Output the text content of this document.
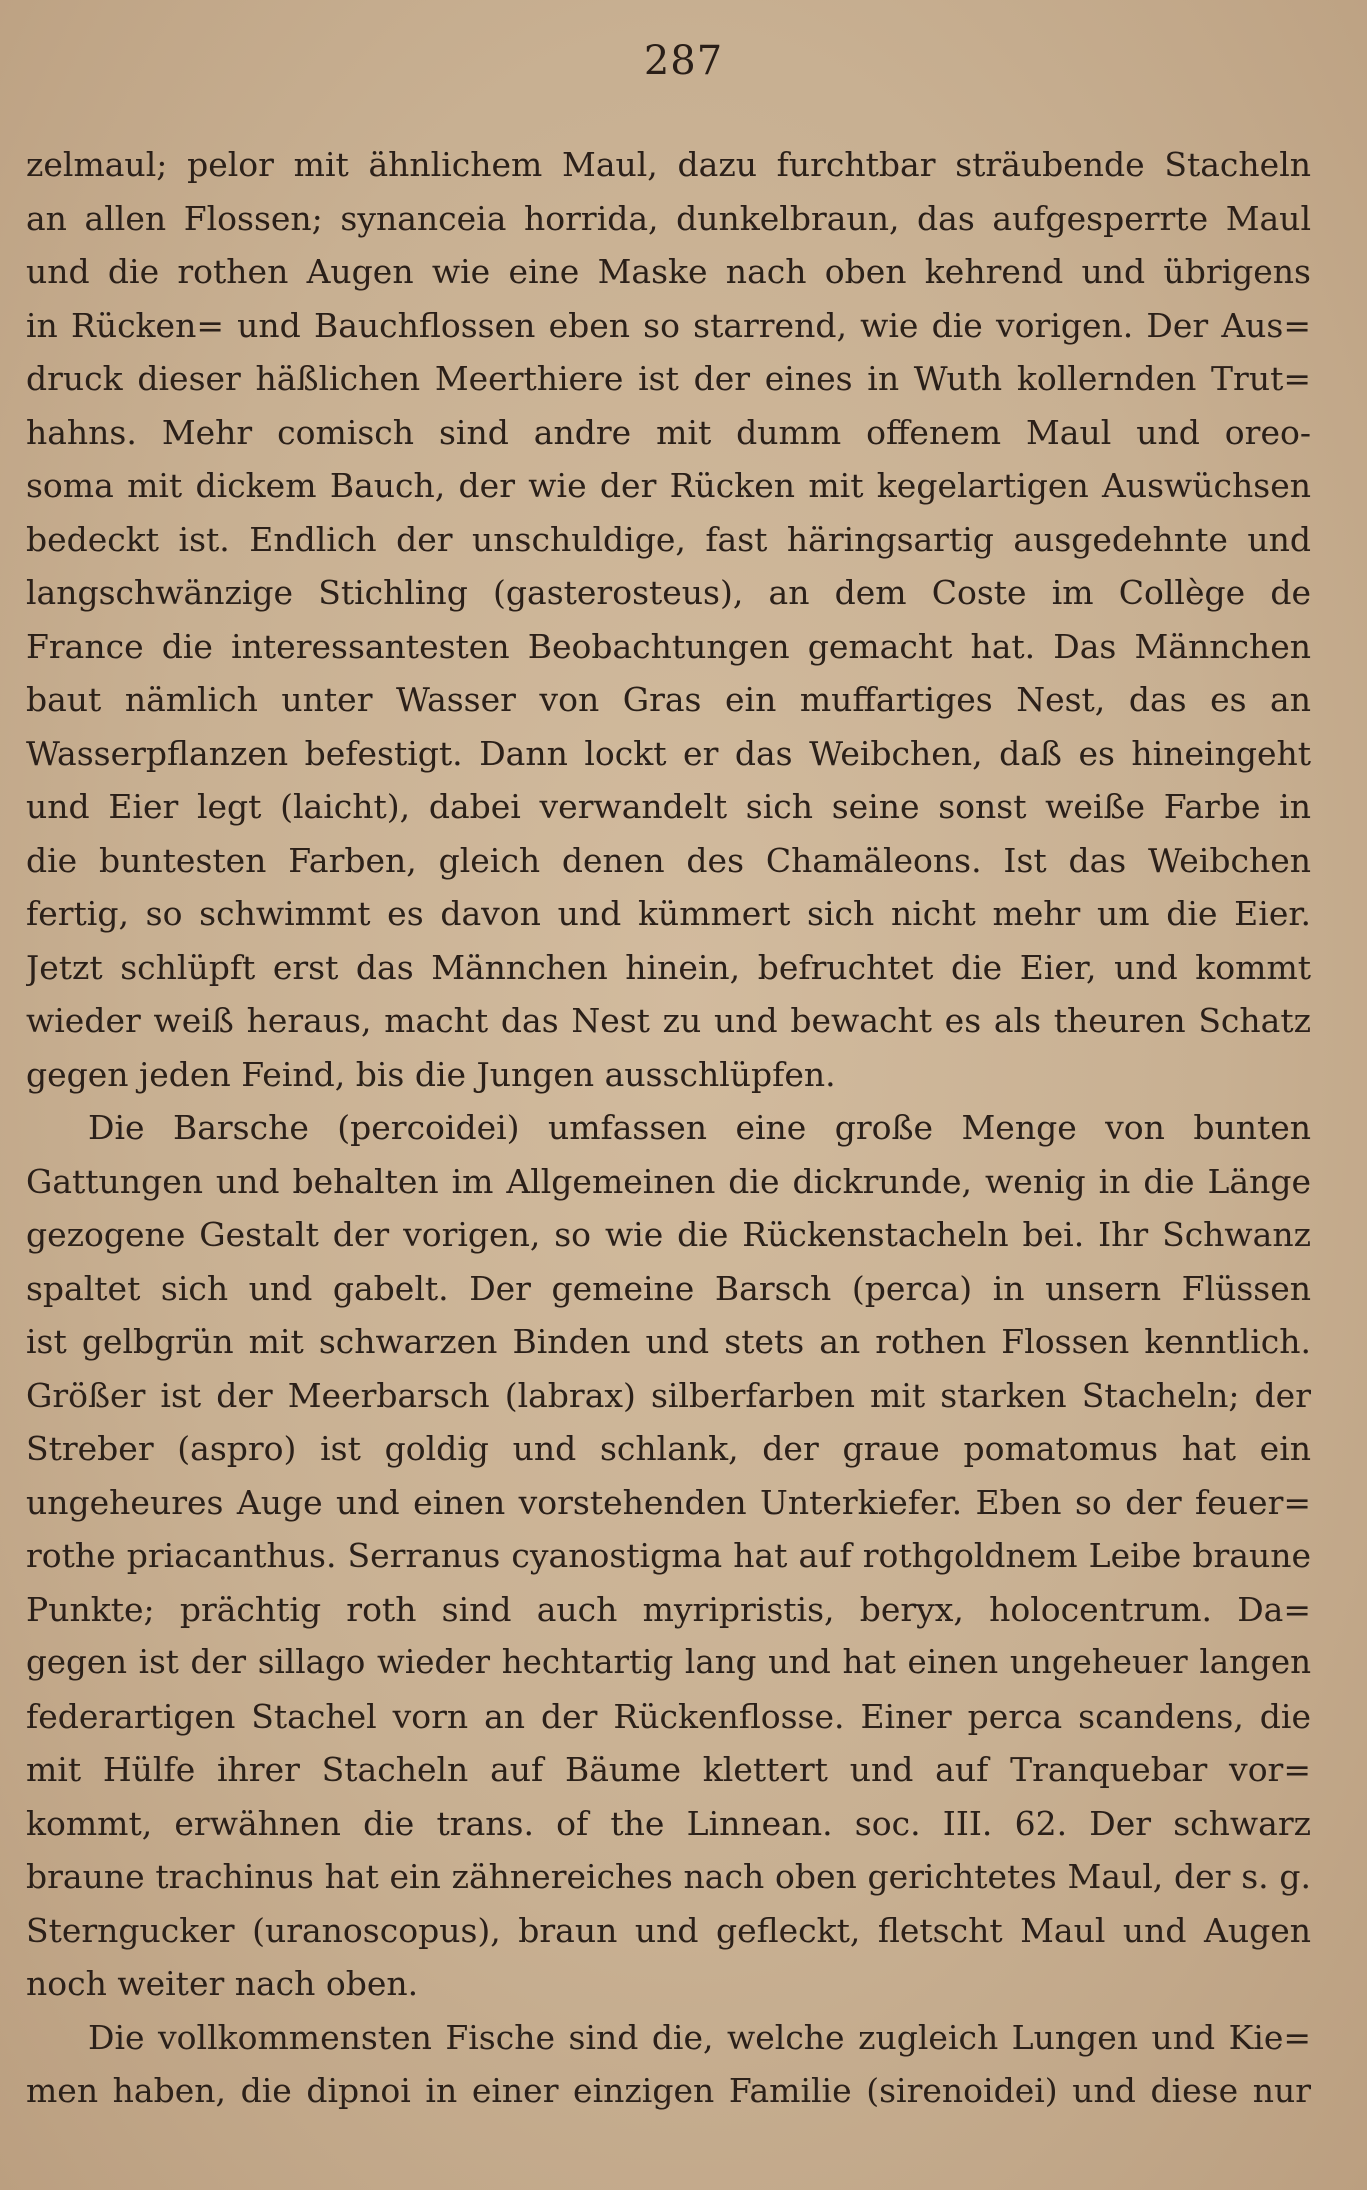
287
zelmaul; pelor mit ähnlichem Maul, dazu furchtbar sträubende Stacheln
an allen Flossen; synanceia horrida, dunkelbraun, das aufgesperrte Maul
und die rothen Augen wie eine Maske nach oben kehrend und übrigens
in Rücken= und Bauchflossen eben so starrend, wie die vorigen. Der Aus=
druck dieser häßlichen Meerthiere ist der eines in Wuth kollernden Trut=
hahns. Mehr comisch sind andre mit dumm offenem Maul und oreo-
soma mit dickem Bauch, der wie der Rücken mit kegelartigen Auswüchsen
bedeckt ist. Endlich der unschuldige, fast häringsartig ausgedehnte und
langschwänzige Stichling (gasterosteus), an dem Coste im Collège de
France die interessantesten Beobachtungen gemacht hat. Das Männchen
baut nämlich unter Wasser von Gras ein muffartiges Nest, das es an
Wasserpflanzen befestigt. Dann lockt er das Weibchen, daß es hineingeht
und Eier legt (laicht), dabei verwandelt sich seine sonst weiße Farbe in
die buntesten Farben, gleich denen des Chamäleons. Ist das Weibchen
fertig, so schwimmt es davon und kümmert sich nicht mehr um die Eier.
Jetzt schlüpft erst das Männchen hinein, befruchtet die Eier, und kommt
wieder weiß heraus, macht das Nest zu und bewacht es als theuren Schatz
gegen jeden Feind, bis die Jungen ausschlüpfen.
Die Barsche (percoidei) umfassen eine große Menge von bunten
Gattungen und behalten im Allgemeinen die dickrunde, wenig in die Länge
gezogene Gestalt der vorigen, so wie die Rückenstacheln bei. Ihr Schwanz
spaltet sich und gabelt. Der gemeine Barsch (perca) in unsern Flüssen
ist gelbgrün mit schwarzen Binden und stets an rothen Flossen kenntlich.
Größer ist der Meerbarsch (labrax) silberfarben mit starken Stacheln; der
Streber (aspro) ist goldig und schlank, der graue pomatomus hat ein
ungeheures Auge und einen vorstehenden Unterkiefer. Eben so der feuer=
rothe priacanthus. Serranus cyanostigma hat auf rothgoldnem Leibe braune
Punkte; prächtig roth sind auch myripristis, beryx, holocentrum. Da=
gegen ist der sillago wieder hechtartig lang und hat einen ungeheuer langen
federartigen Stachel vorn an der Rückenflosse. Einer perca scandens, die
mit Hülfe ihrer Stacheln auf Bäume klettert und auf Tranquebar vor=
kommt, erwähnen die trans. of the Linnean. soc. III. 62. Der schwarz
braune trachinus hat ein zähnereiches nach oben gerichtetes Maul, der s. g.
Sterngucker (uranoscopus), braun und gefleckt, fletscht Maul und Augen
noch weiter nach oben.
Die vollkommensten Fische sind die, welche zugleich Lungen und Kie=
men haben, die dipnoi in einer einzigen Familie (sirenoidei) und diese nur
